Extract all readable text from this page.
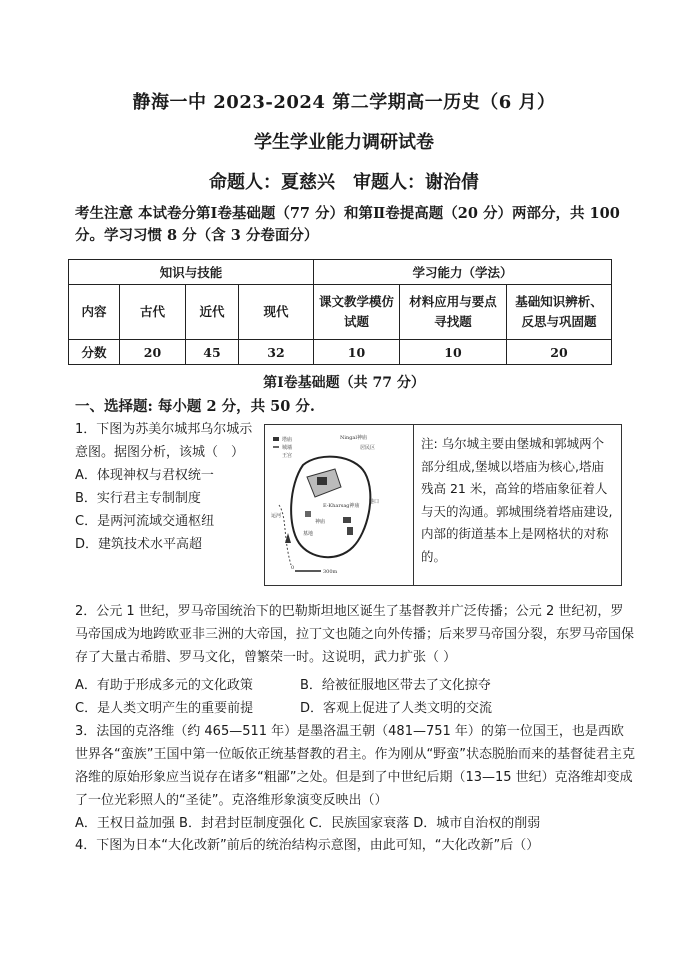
静海一中 2023-2024 第二学期高一历史（6 月）
学生学业能力调研试卷
命题人：夏慈兴　审题人：谢治倩
考生注意 本试卷分第Ⅰ卷基础题（77 分）和第Ⅱ卷提高题（20 分）两部分，共 100 分。学习习惯 8 分（含 3 分卷面分）
知识与技能				学习能力（学法）		
内容	古代	近代	现代	课文教学模仿试题	材料应用与要点寻找题	基础知识辨析、反思与巩固题
分数	20	45	32	10	10	20
第Ⅰ卷基础题（共 77 分）
一、选择题: 每小题 2 分，共 50 分.
1．下图为苏美尔城邦乌尔城示意图。据图分析，该城（　）
A．体现神权与君权统一
B．实行君主专制制度
C．是两河流域交通枢纽
D．建筑技术水平高超
塔庙
城墙
王宫
Ningal神庙
居民区
E-Kharsag神庙
港口
神庙
墓地
运河
0
300m
注: 乌尔城主要由堡城和郭城两个部分组成,堡城以塔庙为核心,塔庙残高 21 米，高耸的塔庙象征着人与天的沟通。郭城围绕着塔庙建设,内部的街道基本上是网格状的对称的。
2．公元 1 世纪，罗马帝国统治下的巴勒斯坦地区诞生了基督教并广泛传播；公元 2 世纪初，罗马帝国成为地跨欧亚非三洲的大帝国，拉丁文也随之向外传播；后来罗马帝国分裂，东罗马帝国保存了大量古希腊、罗马文化，曾繁荣一时。这说明，武力扩张（ ）
A．有助于形成多元的文化政策	B．给被征服地区带去了文化掠夺
C．是人类文明产生的重要前提	D．客观上促进了人类文明的交流
3．法国的克洛维（约 465—511 年）是墨洛温王朝（481—751 年）的第一位国王，也是西欧世界各“蛮族”王国中第一位皈依正统基督教的君主。作为刚从“野蛮”状态脱胎而来的基督徒君主克洛维的原始形象应当说存在诸多“粗鄙”之处。但是到了中世纪后期（13—15 世纪）克洛维却变成了一位光彩照人的“圣徒”。克洛维形象演变反映出（）
A．王权日益加强 B．封君封臣制度强化 C．民族国家衰落 D．城市自治权的削弱
4．下图为日本“大化改新”前后的统治结构示意图，由此可知，“大化改新”后（）
